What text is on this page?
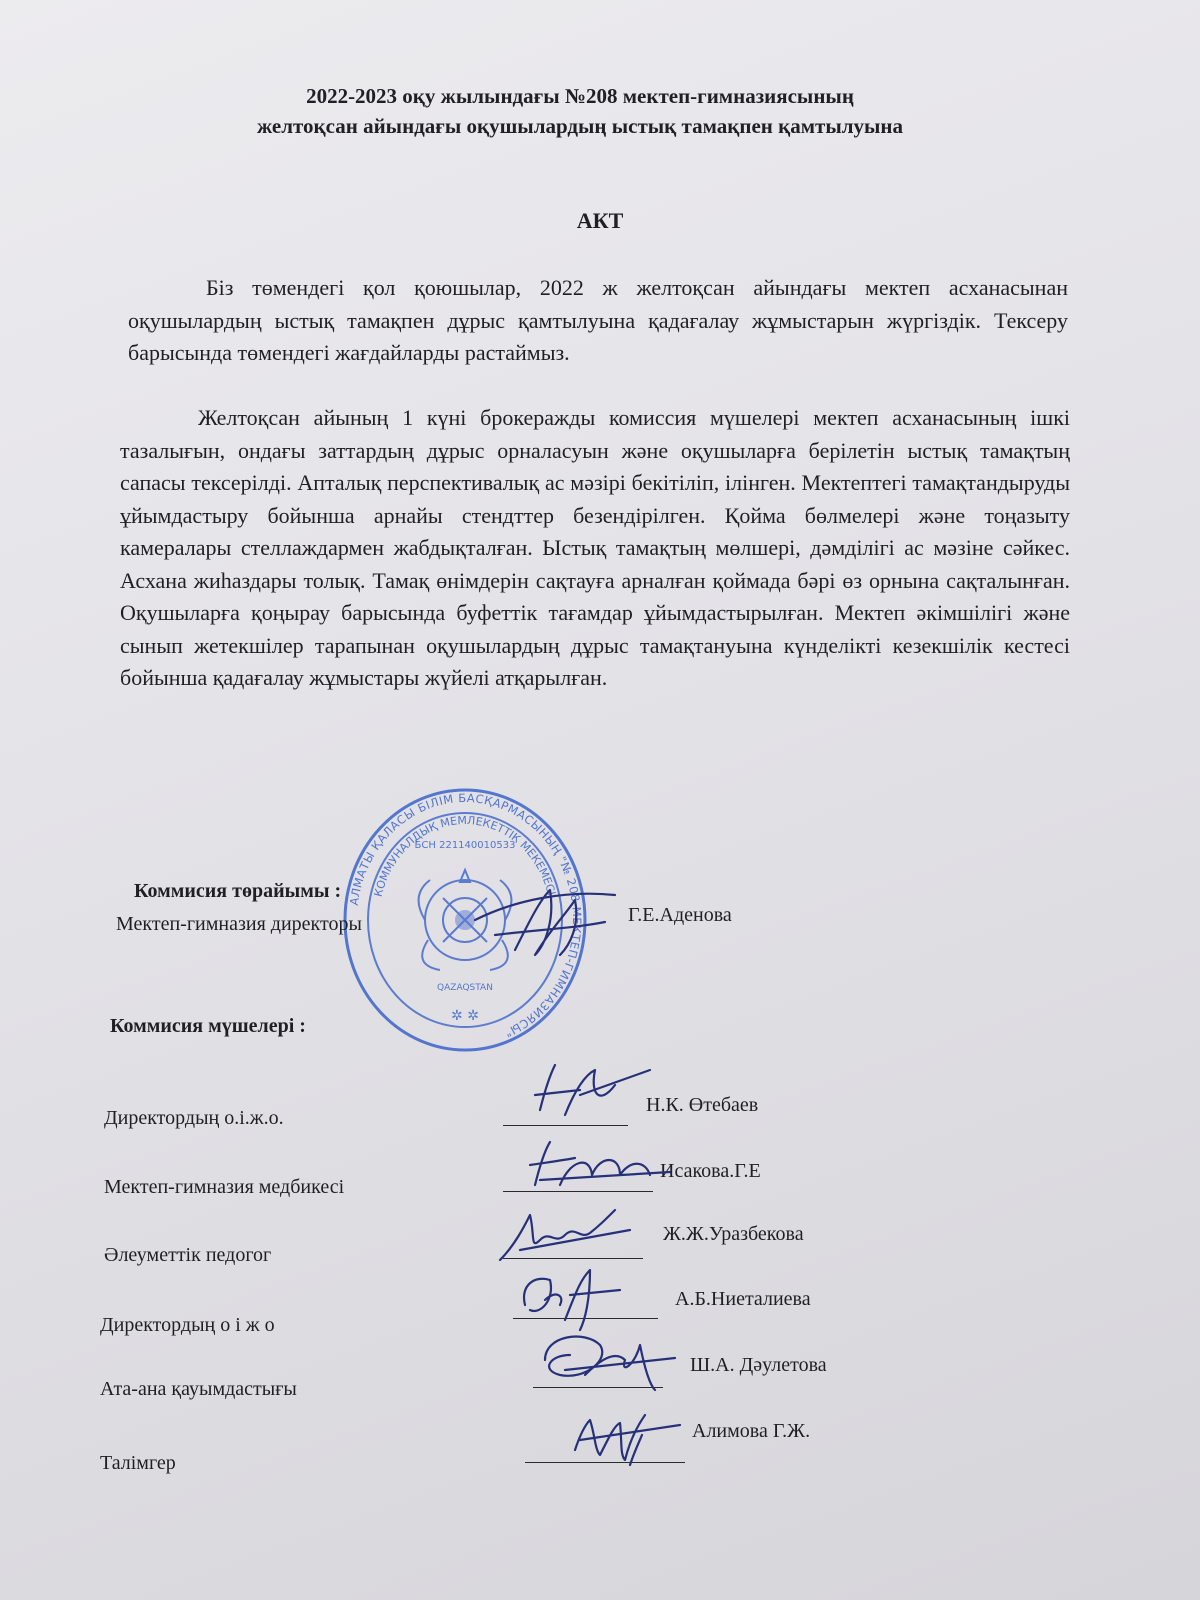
2022-2023 оқу жылындағы №208 мектеп-гимназиясының
желтоқсан айындағы оқушылардың ыстық тамақпен қамтылуына
АКТ

Біз төмендегі қол қоюшылар, 2022 ж желтоқсан айындағы мектеп асханасынан оқушылардың ыстық тамақпен дұрыс қамтылуына қадағалау жұмыстарын жүргіздік. Тексеру барысында төмендегі жағдайларды растаймыз.

Желтоқсан айының 1 күні брокеражды комиссия мүшелері мектеп асханасының ішкі тазалығын, ондағы заттардың дұрыс орналасуын және оқушыларға берілетін ыстық тамақтың сапасы тексерілді. Апталық перспективалық ас мәзірі бекітіліп, ілінген. Мектептегі тамақтандыруды ұйымдастыру бойынша арнайы стендттер безендірілген. Қойма бөлмелері және тоңазыту камералары стеллаждармен жабдықталған. Ыстық тамақтың мөлшері, дәмділігі ас мәзіне сәйкес. Асхана жиһаздары толық. Тамақ өнімдерін сақтауға арналған қоймада бәрі өз орнына сақталынған. Оқушыларға қоңырау барысында буфеттік тағамдар ұйымдастырылған. Мектеп әкімшілігі және сынып жетекшілер тарапынан оқушылардың дұрыс тамақтануына күнделікті кезекшілік кестесі бойынша қадағалау жұмыстары жүйелі атқарылған.

АЛМАТЫ ҚАЛАСЫ БІЛІМ БАСҚАРМАСЫНЫҢ "№ 208 МЕКТЕП-ГИМНАЗИЯСЫ"
КОММУНАЛДЫҚ МЕМЛЕКЕТТІК МЕКЕМЕСІ
БСН 221140010533
QAZAQSTAN
✲ ✲
Коммисия төрайымы :
Мектеп-гимназия директоры	Г.Е.Аденова
Коммисия мүшелері :
Директордың о.і.ж.о.
Н.К. Өтебаев
Мектеп-гимназия медбикесі
Исакова.Г.Е
Әлеуметтік педогог
Ж.Ж.Уразбекова
Директордың о і ж о
А.Б.Ниеталиева
Ата-ана қауымдастығы
Ш.А. Дәулетова
Талімгер
Алимова Г.Ж.
